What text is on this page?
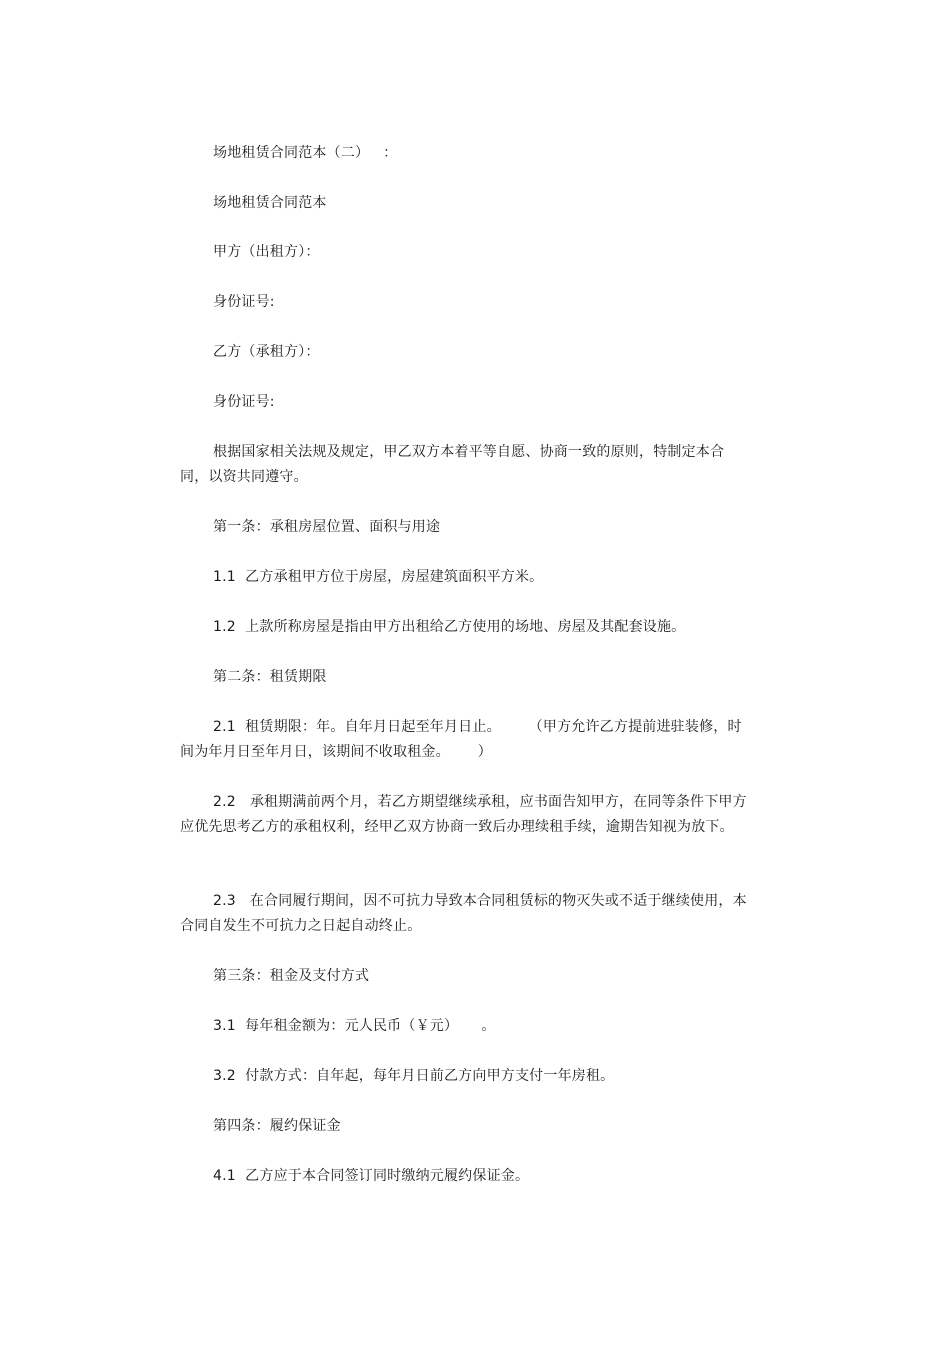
场地租赁合同范本（二）   ：

场地租赁合同范本

甲方（出租方）：

身份证号:

乙方（承租方）：

身份证号:

根据国家相关法规及规定，甲乙双方本着平等自愿、协商一致的原则，特制定本合同，以资共同遵守。

第一条：承租房屋位置、面积与用途

1.1  乙方承租甲方位于房屋，房屋建筑面积平方米。

1.2  上款所称房屋是指由甲方出租给乙方使用的场地、房屋及其配套设施。

第二条：租赁期限

2.1  租赁期限：年。自年月日起至年月日止。      （甲方允许乙方提前进驻装修，时间为年月日至年月日，该期间不收取租金。      ）

2.2   承租期满前两个月，若乙方期望继续承租，应书面告知甲方，在同等条件下甲方应优先思考乙方的承租权利，经甲乙双方协商一致后办理续租手续，逾期告知视为放下。

2.3   在合同履行期间，因不可抗力导致本合同租赁标的物灭失或不适于继续使用，本合同自发生不可抗力之日起自动终止。

第三条：租金及支付方式

3.1  每年租金额为：元人民币（￥元）     。

3.2  付款方式：自年起，每年月日前乙方向甲方支付一年房租。

第四条：履约保证金

4.1  乙方应于本合同签订同时缴纳元履约保证金。
